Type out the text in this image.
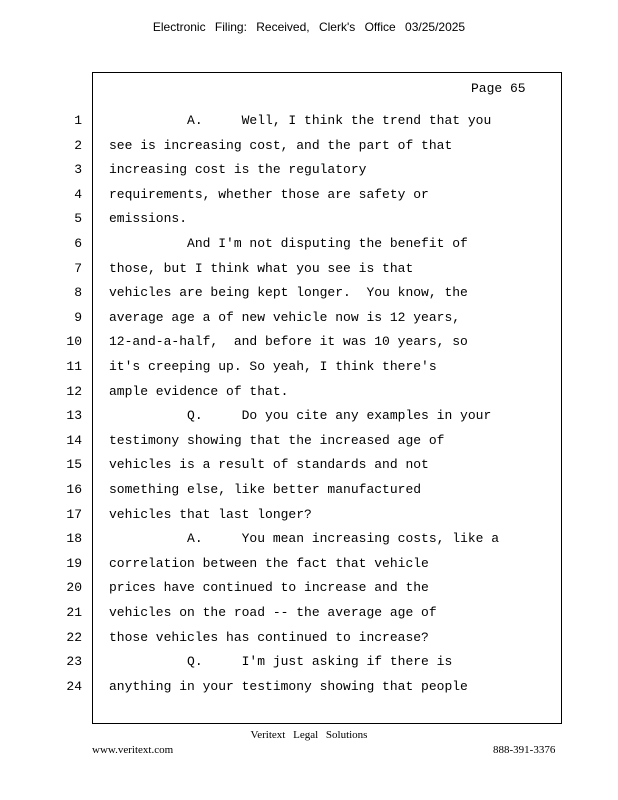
Electronic Filing: Received, Clerk's Office 03/25/2025
Page 65
1 A.     Well, I think the trend that you
2 see is increasing cost, and the part of that
3 increasing cost is the regulatory
4 requirements, whether those are safety or
5 emissions.
6 And I'm not disputing the benefit of
7 those, but I think what you see is that
8 vehicles are being kept longer.  You know, the
9 average age a of new vehicle now is 12 years,
10 12-and-a-half,  and before it was 10 years, so
11 it's creeping up. So yeah, I think there's
12 ample evidence of that.
13 Q.     Do you cite any examples in your
14 testimony showing that the increased age of
15 vehicles is a result of standards and not
16 something else, like better manufactured
17 vehicles that last longer?
18 A.     You mean increasing costs, like a
19 correlation between the fact that vehicle
20 prices have continued to increase and the
21 vehicles on the road -- the average age of
22 those vehicles has continued to increase?
23 Q.     I'm just asking if there is
24 anything in your testimony showing that people
Veritext Legal Solutions
www.veritext.com	888-391-3376
